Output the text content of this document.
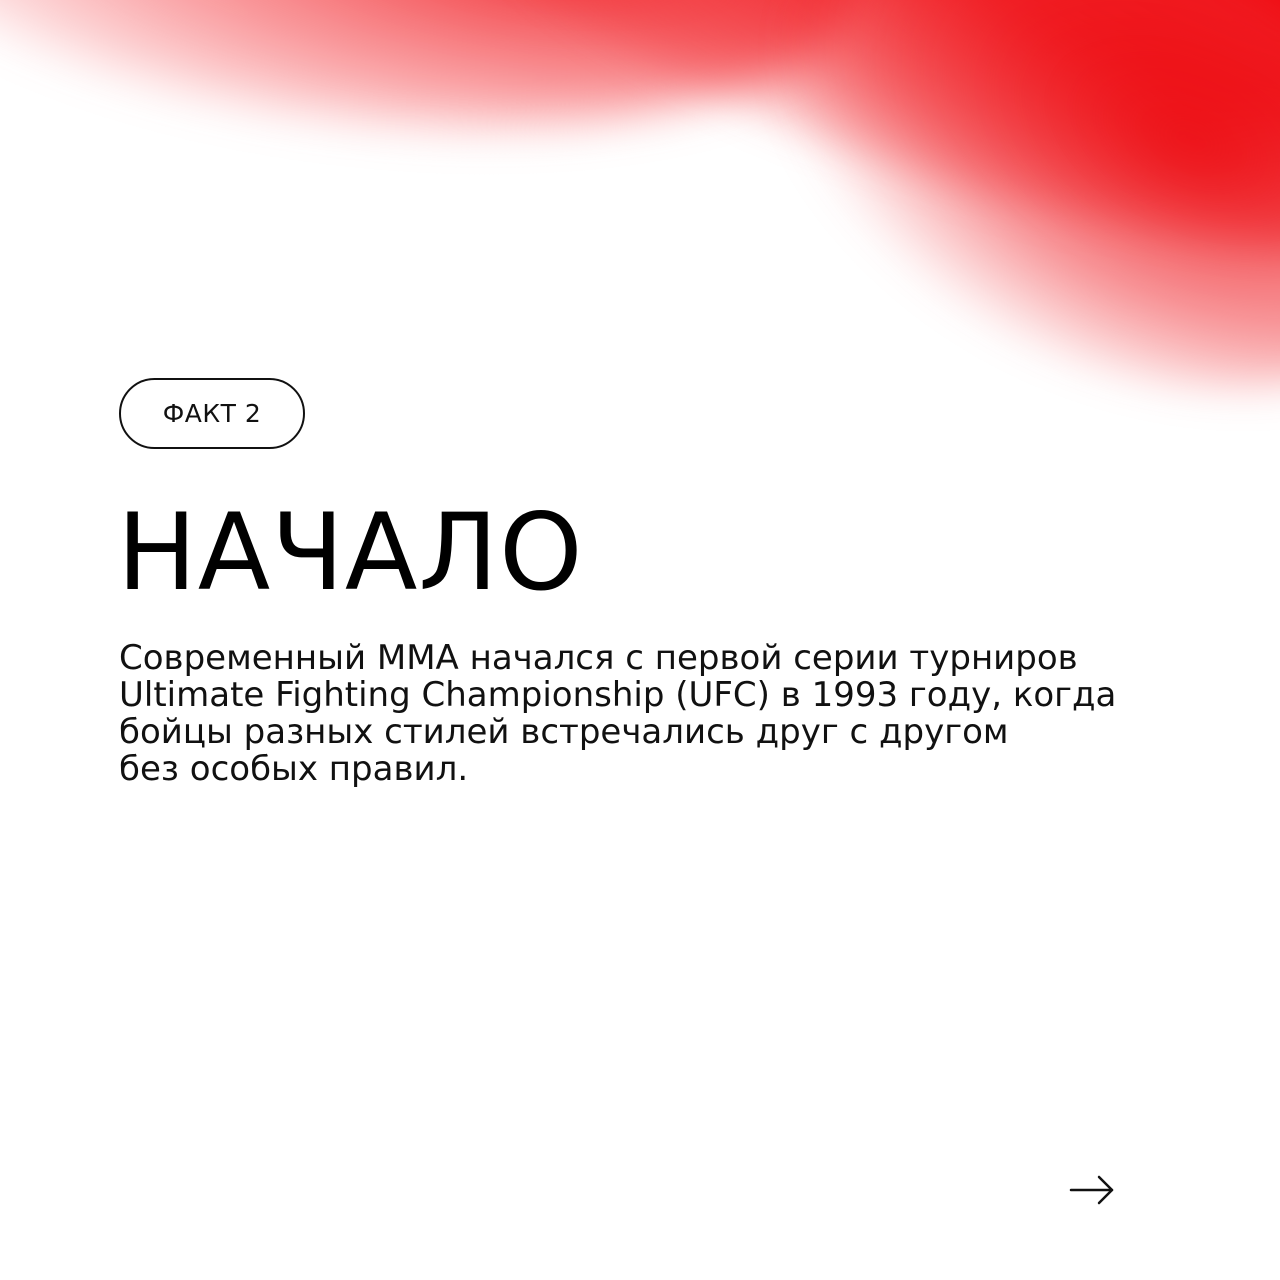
ФАКТ 2
НАЧАЛО

Современный ММА начался с первой серии турниров
Ultimate Fighting Championship (UFC) в 1993 году, когда
бойцы разных стилей встречались друг с другом
без особых правил.
